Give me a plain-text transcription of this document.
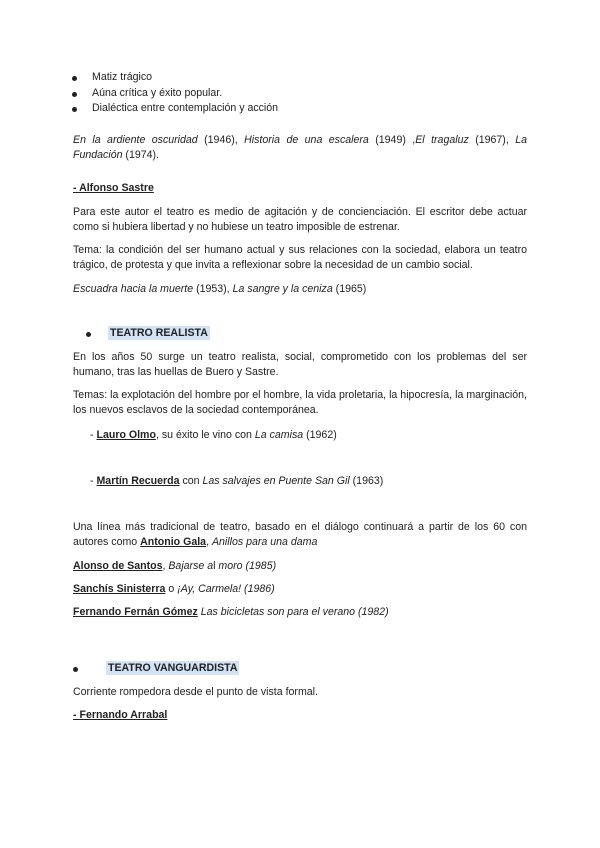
Matiz trágico
Aúna crítica y éxito popular.
Dialéctica entre contemplación y acción

En la ardiente oscuridad (1946), Historia de una escalera (1949) ,El tragaluz (1967), La Fundación (1974).

- Alfonso Sastre

Para este autor el teatro es medio de agitación y de concienciación. El escritor debe actuar como si hubiera libertad y no hubiese un teatro imposible de estrenar.

Tema: la condición del ser humano actual y sus relaciones con la sociedad, elabora un teatro trágico, de protesta y que invita a reflexionar sobre la necesidad de un cambio social.

Escuadra hacia la muerte (1953), La sangre y la ceniza (1965)

TEATRO REALISTA

En los años 50 surge un teatro realista, social, comprometido con los problemas del ser humano, tras las huellas de Buero y Sastre.

Temas: la explotación del hombre por el hombre, la vida proletaria, la hipocresía, la marginación, los nuevos esclavos de la sociedad contemporánea.

- Lauro Olmo, su éxito le vino con La camisa (1962)

- Martín Recuerda con Las salvajes en Puente San Gil (1963)

Una línea más tradicional de teatro, basado en el diálogo continuará a partir de los 60 con autores como Antonio Gala, Anillos para una dama

Alonso de Santos, Bajarse al moro (1985)

Sanchís Sinisterra o ¡Ay, Carmela! (1986)

Fernando Fernán Gómez Las bicicletas son para el verano (1982)

TEATRO VANGUARDISTA

Corriente rompedora desde el punto de vista formal.

- Fernando Arrabal
